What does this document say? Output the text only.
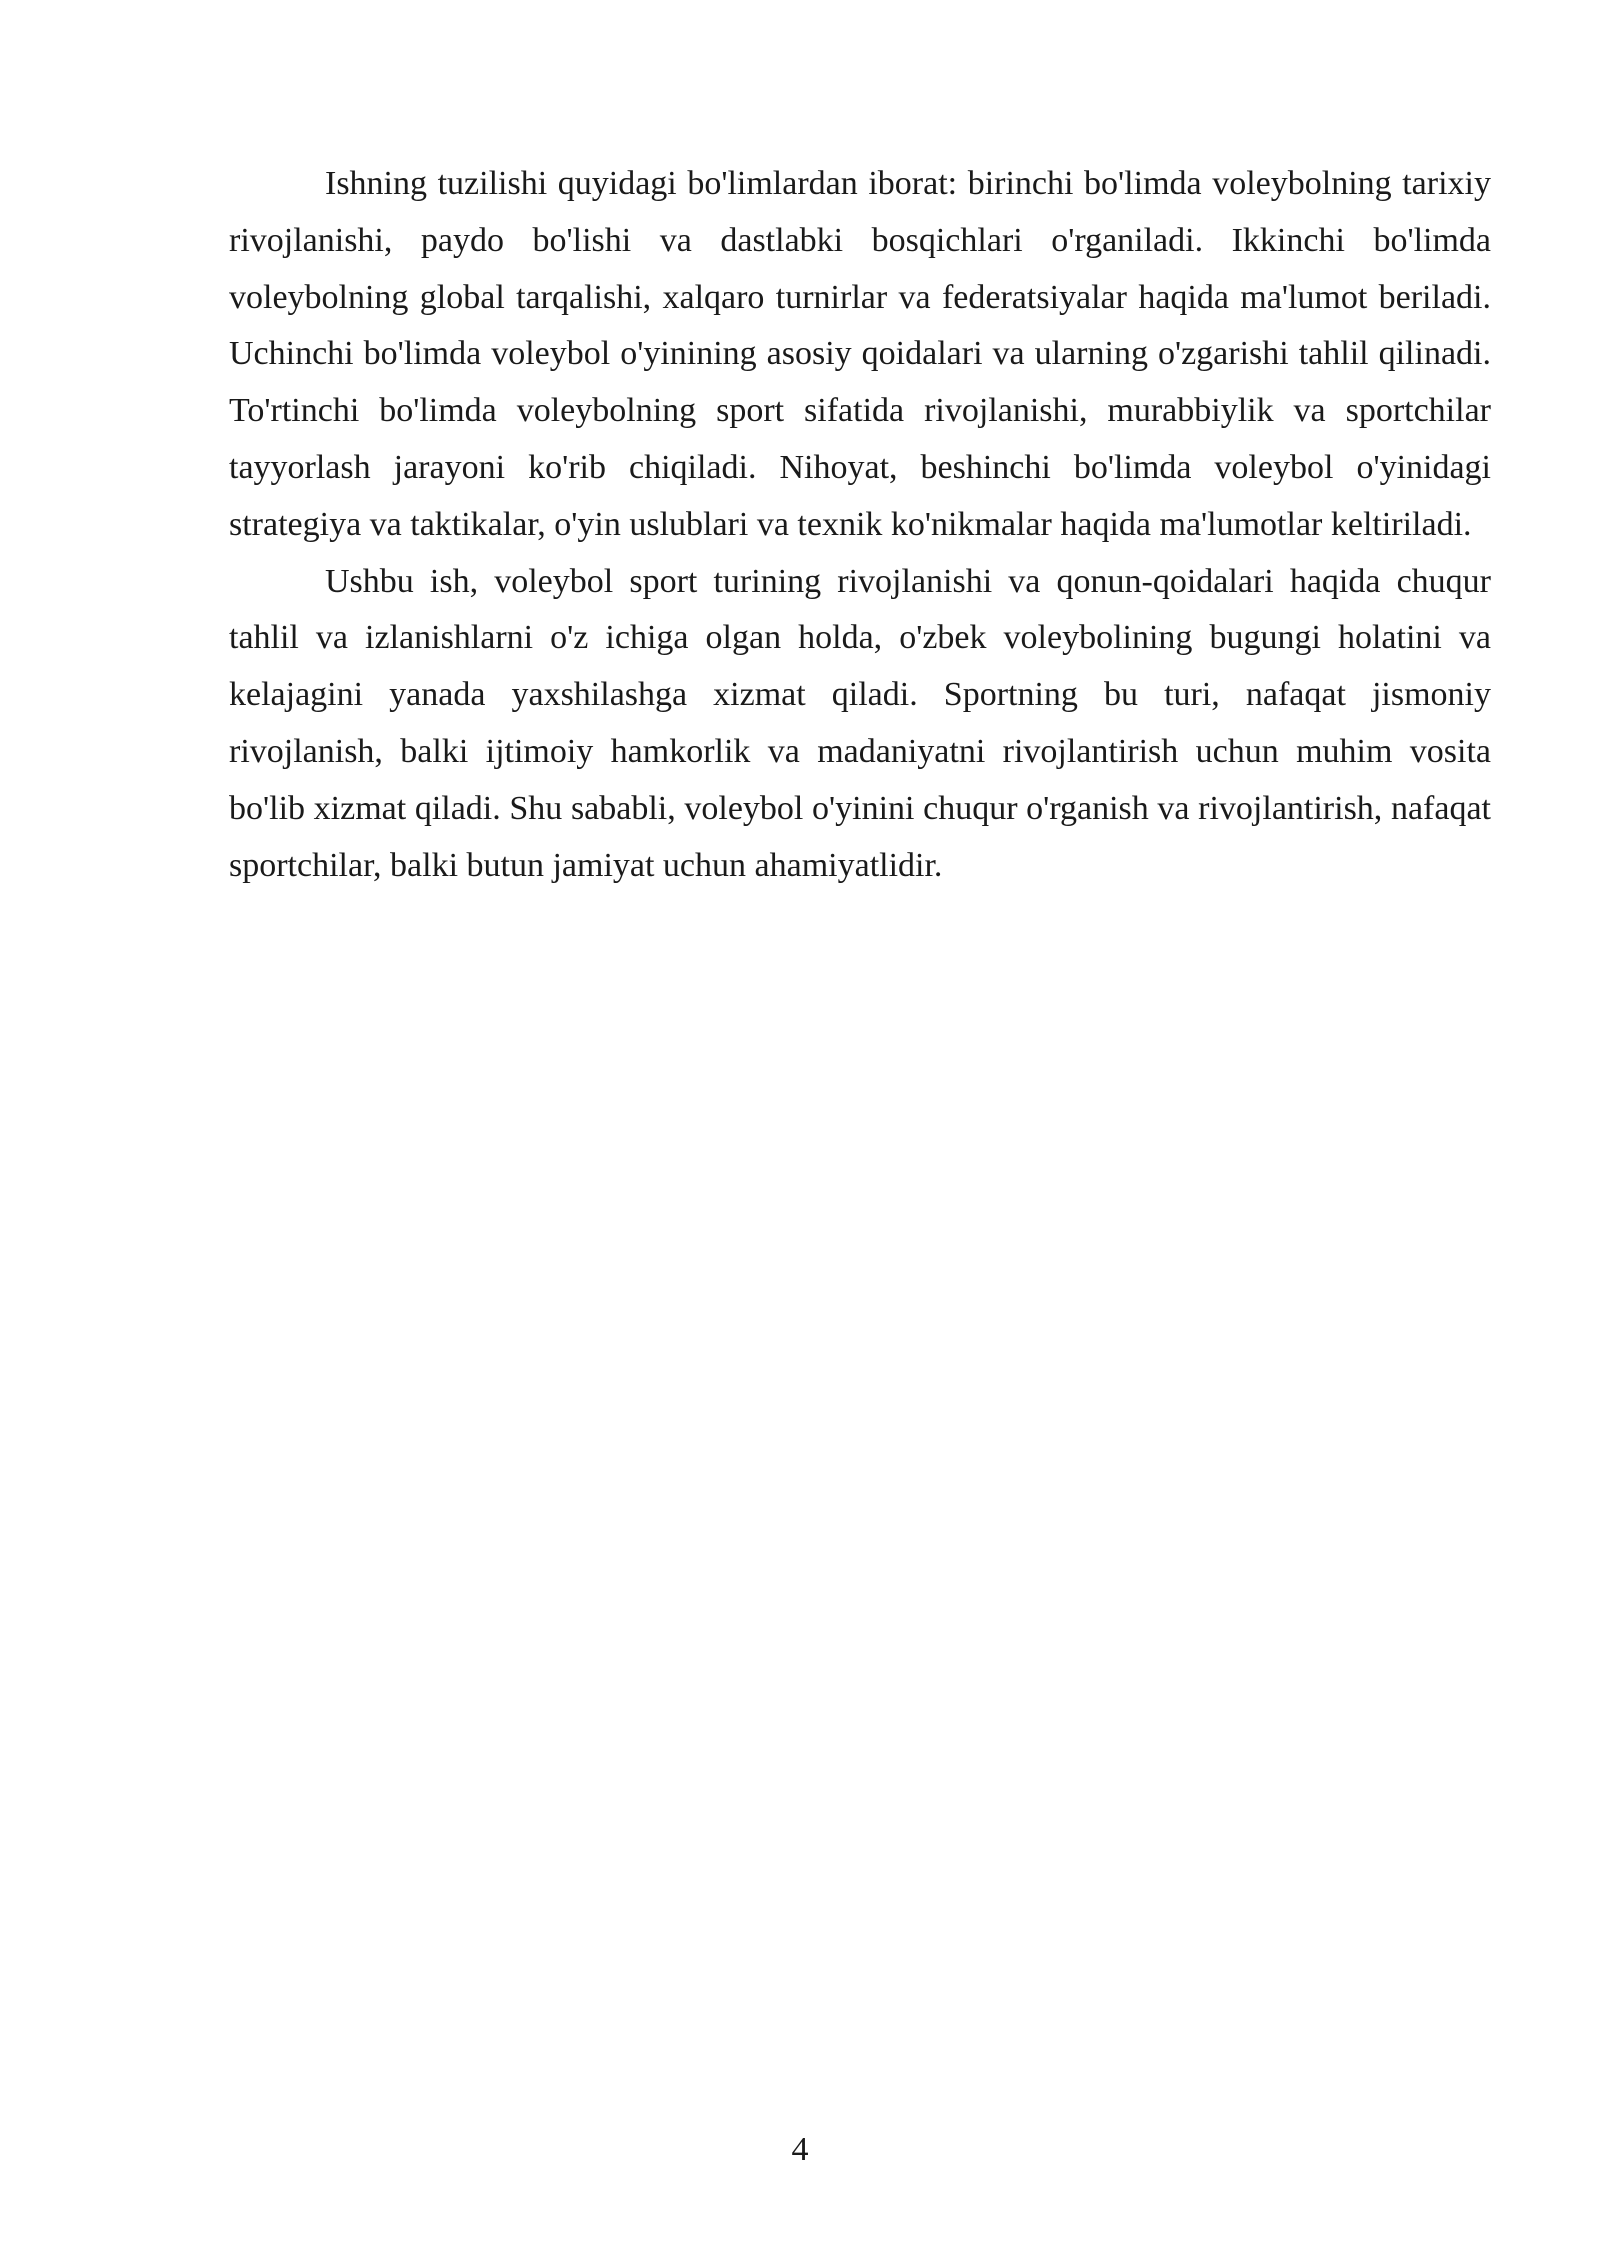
Ishning tuzilishi quyidagi bo'limlardan iborat: birinchi bo'limda voleybolning tarixiy rivojlanishi, paydo bo'lishi va dastlabki bosqichlari o'rganiladi. Ikkinchi bo'limda voleybolning global tarqalishi, xalqaro turnirlar va federatsiyalar haqida ma'lumot beriladi. Uchinchi bo'limda voleybol o'yinining asosiy qoidalari va ularning o'zgarishi tahlil qilinadi. To'rtinchi bo'limda voleybolning sport sifatida rivojlanishi, murabbiylik va sportchilar tayyorlash jarayoni ko'rib chiqiladi. Nihoyat, beshinchi bo'limda voleybol o'yinidagi strategiya va taktikalar, o'yin uslublari va texnik ko'nikmalar haqida ma'lumotlar keltiriladi.

Ushbu ish, voleybol sport turining rivojlanishi va qonun-qoidalari haqida chuqur tahlil va izlanishlarni o'z ichiga olgan holda, o'zbek voleybolining bugungi holatini va kelajagini yanada yaxshilashga xizmat qiladi. Sportning bu turi, nafaqat jismoniy rivojlanish, balki ijtimoiy hamkorlik va madaniyatni rivojlantirish uchun muhim vosita bo'lib xizmat qiladi. Shu sababli, voleybol o'yinini chuqur o'rganish va rivojlantirish, nafaqat sportchilar, balki butun jamiyat uchun ahamiyatlidir.

4
